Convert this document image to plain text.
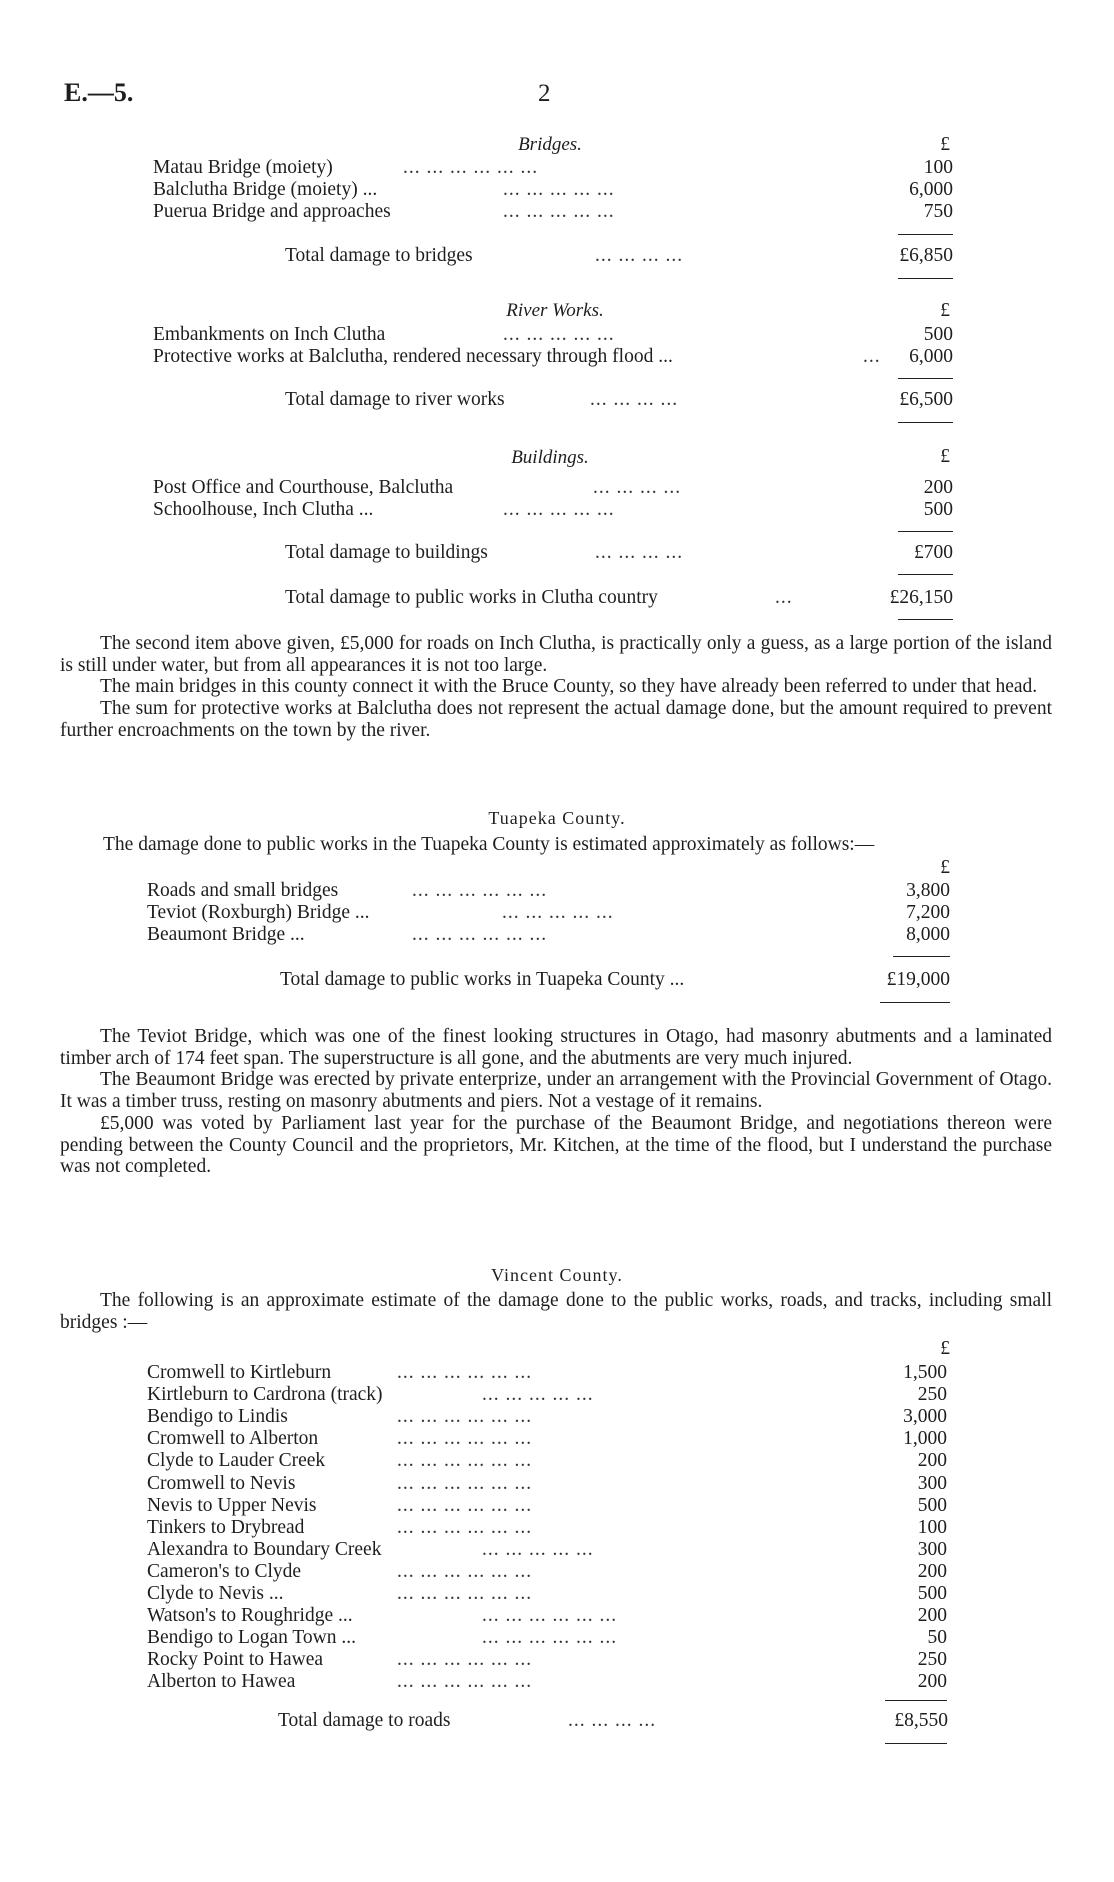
E.—5.	2
Bridges.	£
Matau Bridge (moiety)	... ... ... ... ... ...	100
Balclutha Bridge (moiety) ...	... ... ... ... ...	6,000
Puerua Bridge and approaches	... ... ... ... ...	750
Total damage to bridges	... ... ... ...	£6,850
River Works.	£
Embankments on Inch Clutha	... ... ... ... ...	500
Protective works at Balclutha, rendered necessary through flood ...	... 6,000
Total damage to river works	... ... ... ...	£6,500
Buildings.	£
Post Office and Courthouse, Balclutha	... ... ... ...	200
Schoolhouse, Inch Clutha ...	... ... ... ... ...	500
Total damage to buildings	... ... ... ...	£700
Total damage to public works in Clutha country	...	£26,150

The second item above given, £5,000 for roads on Inch Clutha, is practically only a guess, as a large portion of the island is still under water, but from all appearances it is not too large.

The main bridges in this county connect it with the Bruce County, so they have already been referred to under that head.

The sum for protective works at Balclutha does not represent the actual damage done, but the amount required to prevent further encroachments on the town by the river.

Tuapeka County.
The damage done to public works in the Tuapeka County is estimated approximately as follows:—
£
Roads and small bridges	... ... ... ... ... ...	3,800
Teviot (Roxburgh) Bridge ...	... ... ... ... ...	7,200
Beaumont Bridge ...	... ... ... ... ... ...	8,000
Total damage to public works in Tuapeka County ...	£19,000

The Teviot Bridge, which was one of the finest looking structures in Otago, had masonry abutments and a laminated timber arch of 174 feet span. The superstructure is all gone, and the abutments are very much injured.

The Beaumont Bridge was erected by private enterprize, under an arrangement with the Provincial Government of Otago. It was a timber truss, resting on masonry abutments and piers. Not a vestage of it remains.

£5,000 was voted by Parliament last year for the purchase of the Beaumont Bridge, and negotiations thereon were pending between the County Council and the proprietors, Mr. Kitchen, at the time of the flood, but I understand the purchase was not completed.

Vincent County.

The following is an approximate estimate of the damage done to the public works, roads, and tracks, including small bridges :—

£
Cromwell to Kirtleburn	... ... ... ... ... ...	1,500
Kirtleburn to Cardrona (track)	... ... ... ... ...	250
Bendigo to Lindis	... ... ... ... ... ...	3,000
Cromwell to Alberton	... ... ... ... ... ...	1,000
Clyde to Lauder Creek	... ... ... ... ... ...	200
Cromwell to Nevis	... ... ... ... ... ...	300
Nevis to Upper Nevis	... ... ... ... ... ...	500
Tinkers to Drybread	... ... ... ... ... ...	100
Alexandra to Boundary Creek	... ... ... ... ...	300
Cameron's to Clyde	... ... ... ... ... ...	200
Clyde to Nevis ...	... ... ... ... ... ...	500
Watson's to Roughridge ...	... ... ... ... ... ...	200
Bendigo to Logan Town ...	... ... ... ... ... ...	50
Rocky Point to Hawea	... ... ... ... ... ...	250
Alberton to Hawea	... ... ... ... ... ...	200
Total damage to roads	... ... ... ...	£8,550
